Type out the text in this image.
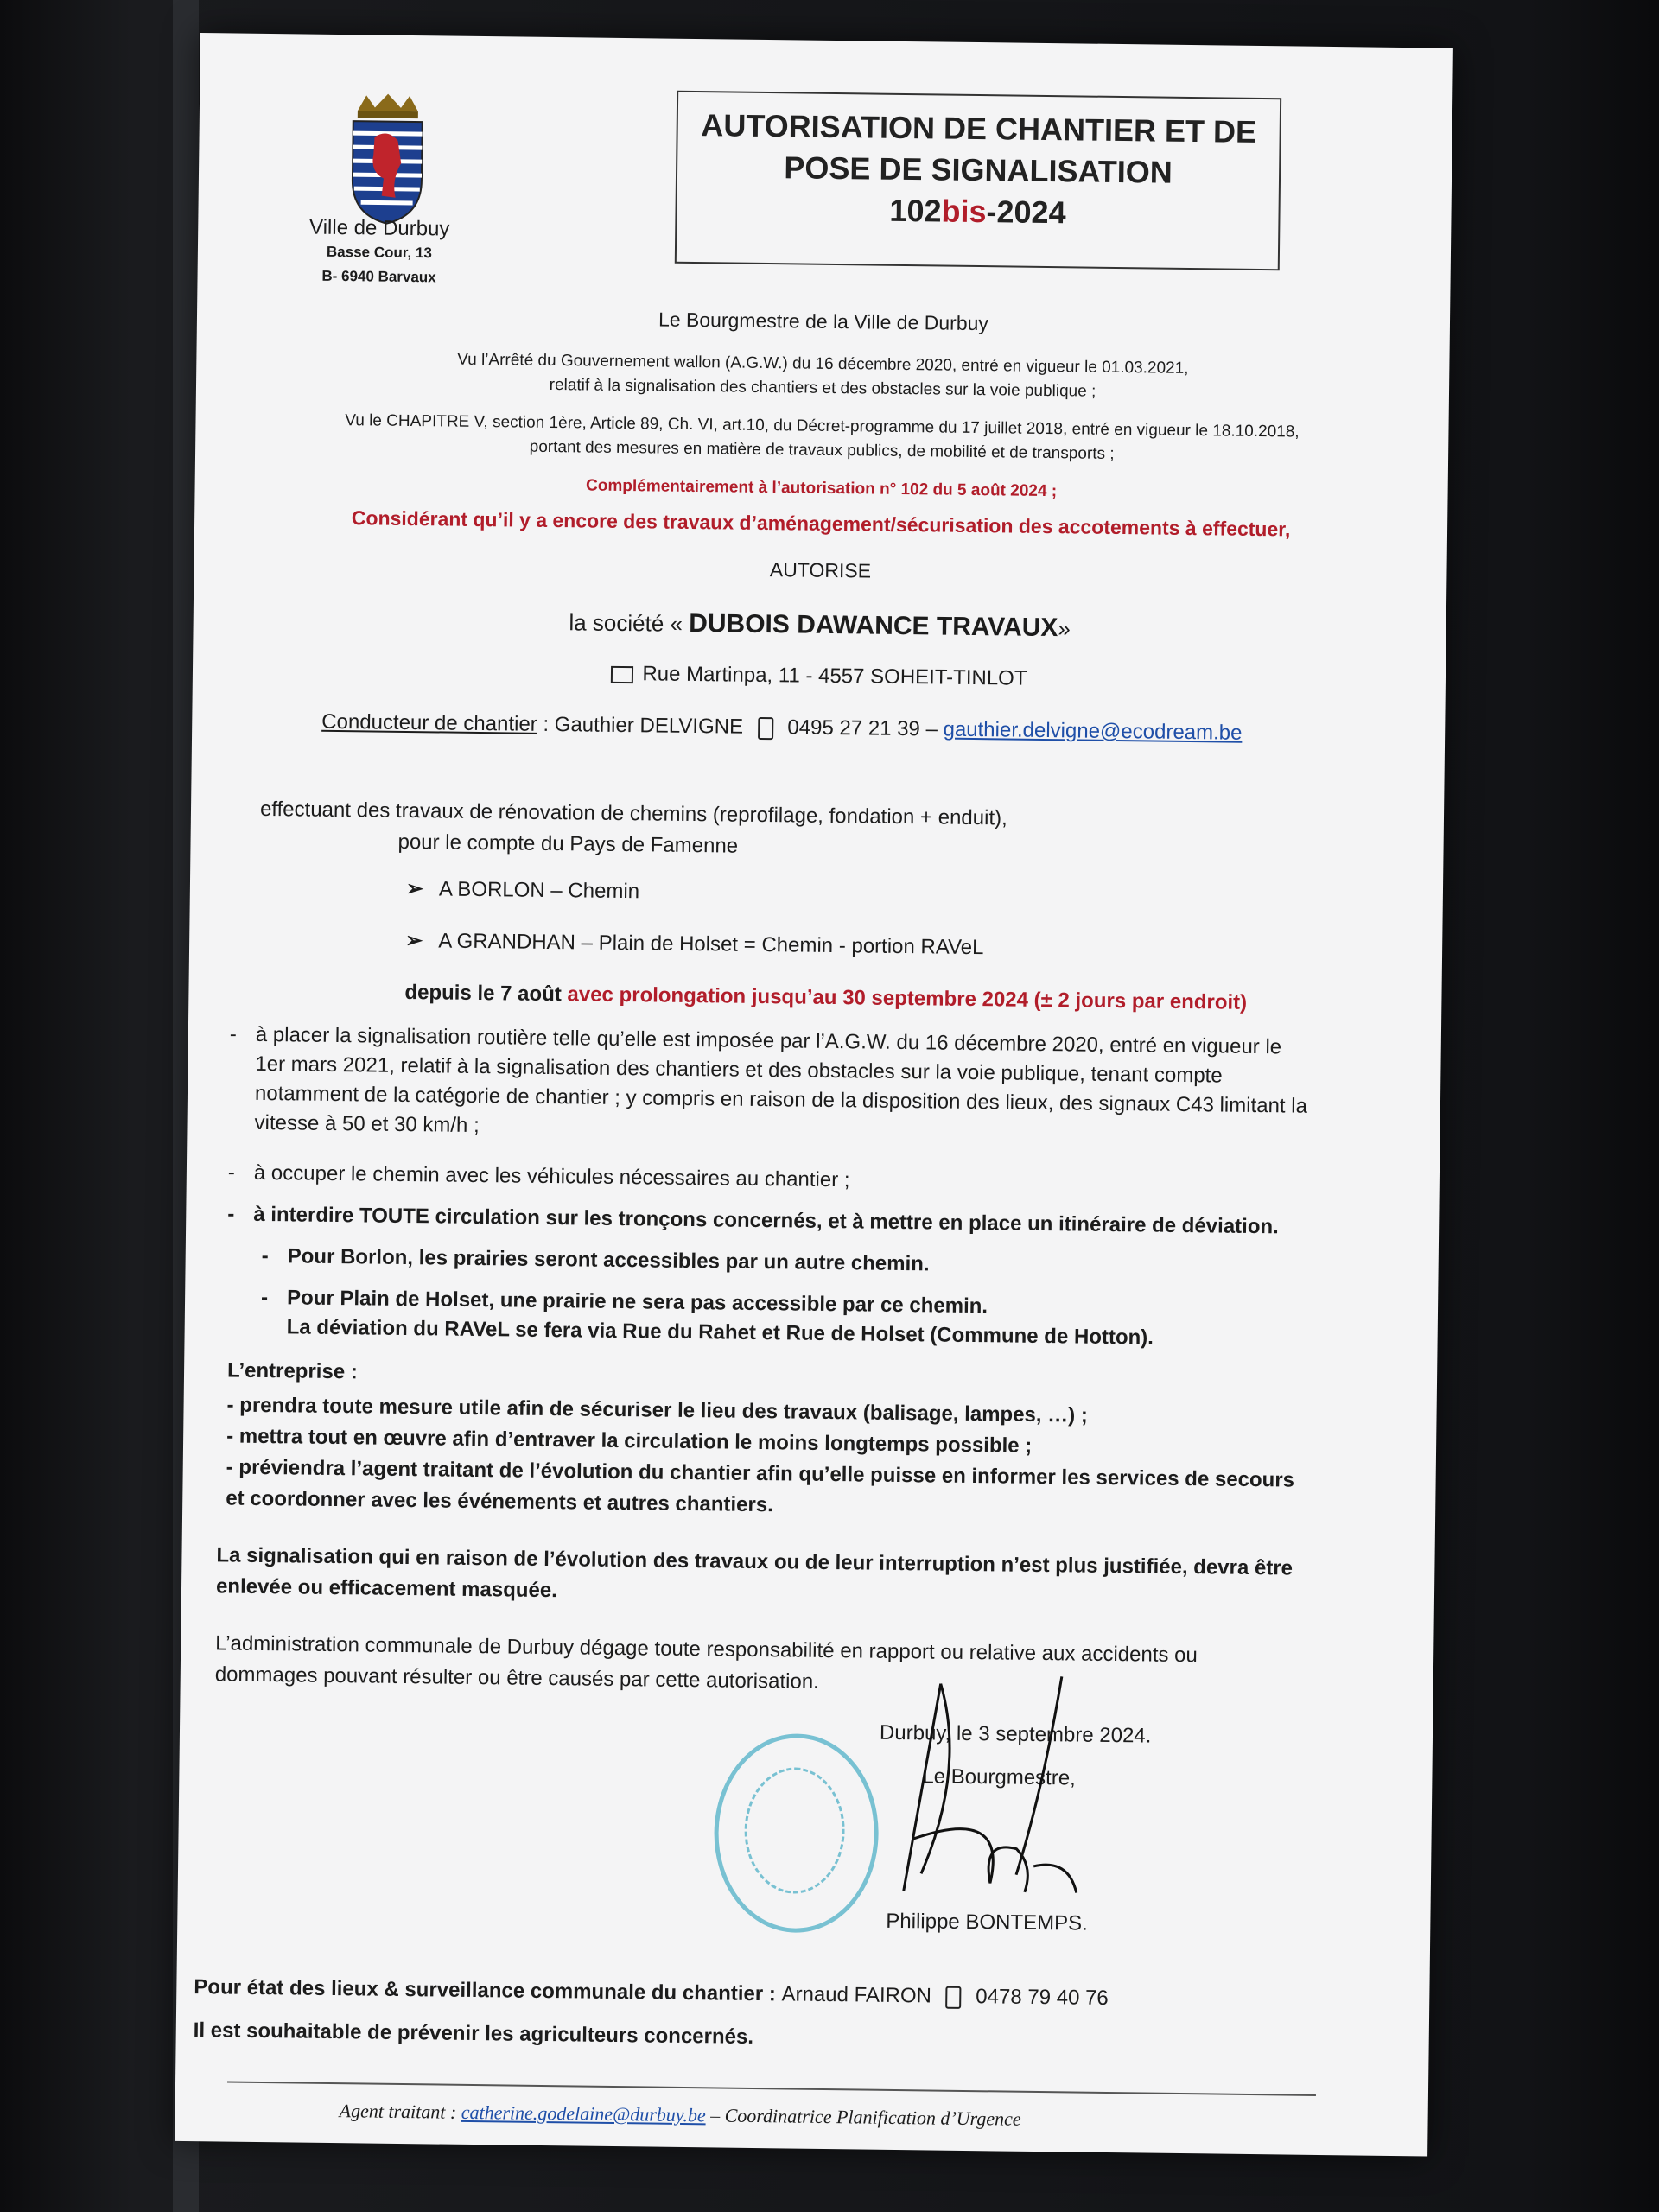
Ville de Durbuy
Basse Cour, 13
B- 6940 Barvaux
AUTORISATION DE CHANTIER ET DE
POSE DE SIGNALISATION
102bis-2024
Le Bourgmestre de la Ville de Durbuy
Vu l’Arrêté du Gouvernement wallon (A.G.W.) du 16 décembre 2020, entré en vigueur le 01.03.2021,
relatif à la signalisation des chantiers et des obstacles sur la voie publique ;
Vu le CHAPITRE V, section 1ère, Article 89, Ch. VI, art.10, du Décret-programme du 17 juillet 2018, entré en vigueur le 18.10.2018,
portant des mesures en matière de travaux publics, de mobilité et de transports ;
Complémentairement à l’autorisation n° 102 du 5 août 2024 ;
Considérant qu’il y a encore des travaux d’aménagement/sécurisation des accotements à effectuer,
AUTORISE
la société « DUBOIS DAWANCE TRAVAUX»
Rue Martinpa, 11 - 4557 SOHEIT-TINLOT
Conducteur de chantier : Gauthier DELVIGNE 0495 27 21 39 – gauthier.delvigne@ecodream.be
effectuant des travaux de rénovation de chemins (reprofilage, fondation + enduit),
pour le compte du Pays de Famenne
➢ A BORLON – Chemin
➢ A GRANDHAN – Plain de Holset = Chemin - portion RAVeL
depuis le 7 août avec prolongation jusqu’au 30 septembre 2024 (± 2 jours par endroit)
- à placer la signalisation routière telle qu’elle est imposée par l’A.G.W. du 16 décembre 2020, entré en vigueur le 1er mars 2021, relatif à la signalisation des chantiers et des obstacles sur la voie publique, tenant compte notamment de la catégorie de chantier ; y compris en raison de la disposition des lieux, des signaux C43 limitant la vitesse à 50 et 30 km/h ;
- à occuper le chemin avec les véhicules nécessaires au chantier ;
- à interdire TOUTE circulation sur les tronçons concernés, et à mettre en place un itinéraire de déviation.
- Pour Borlon, les prairies seront accessibles par un autre chemin.
- Pour Plain de Holset, une prairie ne sera pas accessible par ce chemin.
La déviation du RAVeL se fera via Rue du Rahet et Rue de Holset (Commune de Hotton).
L’entreprise :
- prendra toute mesure utile afin de sécuriser le lieu des travaux (balisage, lampes, …) ;
- mettra tout en œuvre afin d’entraver la circulation le moins longtemps possible ;
- préviendra l’agent traitant de l’évolution du chantier afin qu’elle puisse en informer les services de secours et coordonner avec les événements et autres chantiers.
La signalisation qui en raison de l’évolution des travaux ou de leur interruption n’est plus justifiée, devra être enlevée ou efficacement masquée.
L’administration communale de Durbuy dégage toute responsabilité en rapport ou relative aux accidents ou dommages pouvant résulter ou être causés par cette autorisation.
Durbuy, le 3 septembre 2024.
Le Bourgmestre,
Philippe BONTEMPS.
Pour état des lieux & surveillance communale du chantier : Arnaud FAIRON 0478 79 40 76
Il est souhaitable de prévenir les agriculteurs concernés.
Agent traitant : catherine.godelaine@durbuy.be – Coordinatrice Planification d’Urgence
